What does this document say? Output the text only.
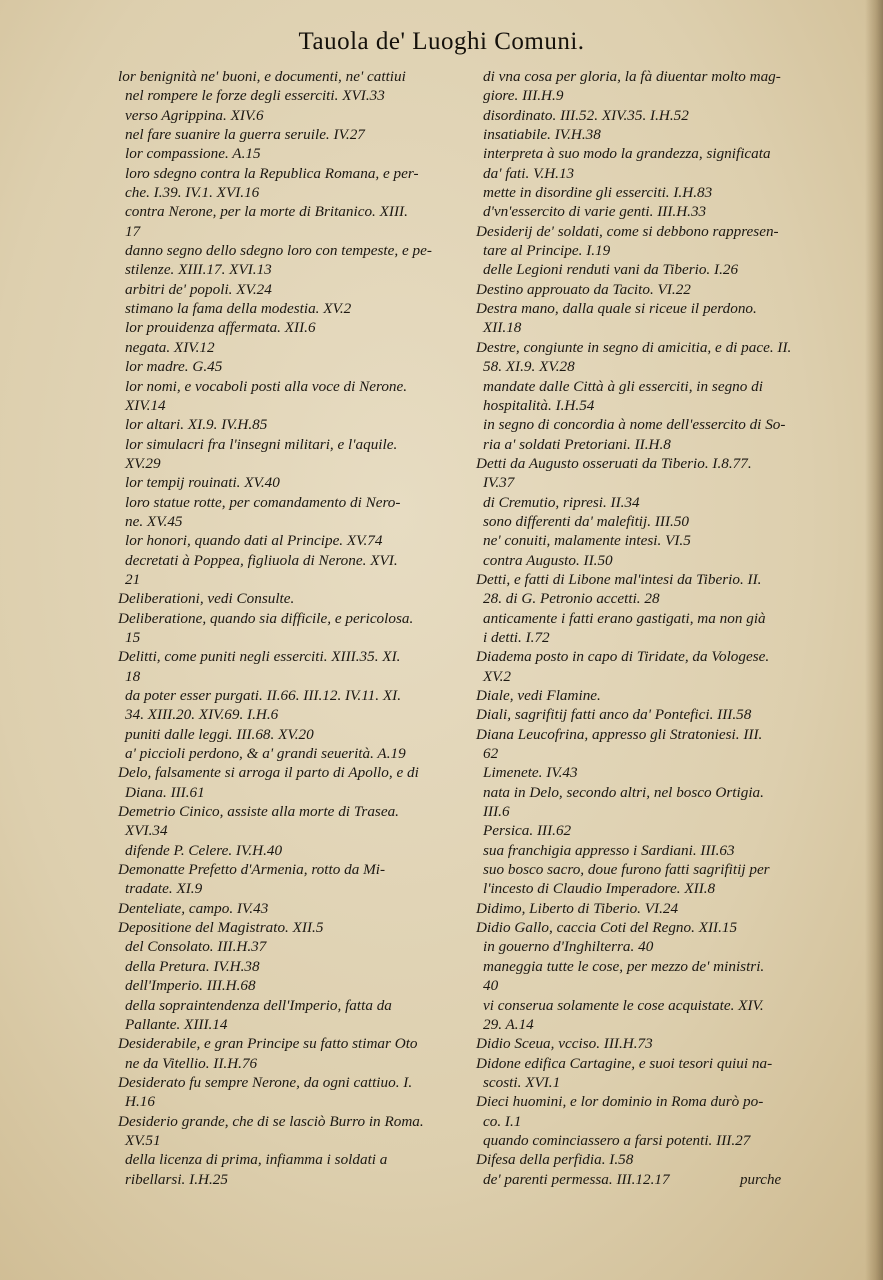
Tauola de' Luoghi Comuni.
lor benignità ne' buoni, e documenti, ne' cattiui
nel rompere le forze degli esserciti. XVI.33
verso Agrippina. XIV.6
nel fare suanire la guerra seruile. IV.27
lor compassione. A.15
loro sdegno contra la Republica Romana, e per-
che. I.39. IV.1. XVI.16
contra Nerone, per la morte di Britanico. XIII.
17
danno segno dello sdegno loro con tempeste, e pe-
stilenze. XIII.17. XVI.13
arbitri de' popoli. XV.24
stimano la fama della modestia. XV.2
lor prouidenza affermata. XII.6
negata. XIV.12
lor madre. G.45
lor nomi, e vocaboli posti alla voce di Nerone.
XIV.14
lor altari. XI.9. IV.H.85
lor simulacri fra l'insegni militari, e l'aquile.
XV.29
lor tempij rouinati. XV.40
loro statue rotte, per comandamento di Nero-
ne. XV.45
lor honori, quando dati al Principe. XV.74
decretati à Poppea, figliuola di Nerone. XVI.
21
Deliberationi, vedi Consulte.
Deliberatione, quando sia difficile, e pericolosa.
15
Delitti, come puniti negli esserciti. XIII.35. XI.
18
da poter esser purgati. II.66. III.12. IV.11. XI.
34. XIII.20. XIV.69. I.H.6
puniti dalle leggi. III.68. XV.20
a' piccioli perdono, & a' grandi seuerità. A.19
Delo, falsamente si arroga il parto di Apollo, e di
Diana. III.61
Demetrio Cinico, assiste alla morte di Trasea.
XVI.34
difende P. Celere. IV.H.40
Demonatte Prefetto d'Armenia, rotto da Mi-
tradate. XI.9
Denteliate, campo. IV.43
Depositione del Magistrato. XII.5
del Consolato. III.H.37
della Pretura. IV.H.38
dell'Imperio. III.H.68
della sopraintendenza dell'Imperio, fatta da
Pallante. XIII.14
Desiderabile, e gran Principe su fatto stimar Oto
ne da Vitellio. II.H.76
Desiderato fu sempre Nerone, da ogni cattiuo. I.
H.16
Desiderio grande, che di se lasciò Burro in Roma.
XV.51
della licenza di prima, infiamma i soldati a
ribellarsi. I.H.25
di vna cosa per gloria, la fà diuentar molto mag-
giore. III.H.9
disordinato. III.52. XIV.35. I.H.52
insatiabile. IV.H.38
interpreta à suo modo la grandezza, significata
da' fati. V.H.13
mette in disordine gli esserciti. I.H.83
d'vn'essercito di varie genti. III.H.33
Desiderij de' soldati, come si debbono rappresen-
tare al Principe. I.19
delle Legioni renduti vani da Tiberio. I.26
Destino approuato da Tacito. VI.22
Destra mano, dalla quale si riceue il perdono.
XII.18
Destre, congiunte in segno di amicitia, e di pace. II.
58. XI.9. XV.28
mandate dalle Città à gli esserciti, in segno di
hospitalità. I.H.54
in segno di concordia à nome dell'essercito di So-
ria a' soldati Pretoriani. II.H.8
Detti da Augusto osseruati da Tiberio. I.8.77.
IV.37
di Cremutio, ripresi. II.34
sono differenti da' malefitij. III.50
ne' conuiti, malamente intesi. VI.5
contra Augusto. II.50
Detti, e fatti di Libone mal'intesi da Tiberio. II.
28. di G. Petronio accetti. 28
anticamente i fatti erano gastigati, ma non già
i detti. I.72
Diadema posto in capo di Tiridate, da Vologese.
XV.2
Diale, vedi Flamine.
Diali, sagrifitij fatti anco da' Pontefici. III.58
Diana Leucofrina, appresso gli Stratoniesi. III.
62
Limenete. IV.43
nata in Delo, secondo altri, nel bosco Ortigia.
III.6
Persica. III.62
sua franchigia appresso i Sardiani. III.63
suo bosco sacro, doue furono fatti sagrifitij per
l'incesto di Claudio Imperadore. XII.8
Didimo, Liberto di Tiberio. VI.24
Didio Gallo, caccia Coti del Regno. XII.15
in gouerno d'Inghilterra. 40
maneggia tutte le cose, per mezzo de' ministri.
40
vi conserua solamente le cose acquistate. XIV.
29. A.14
Didio Sceua, vcciso. III.H.73
Didone edifica Cartagine, e suoi tesori quiui na-
scosti. XVI.1
Dieci huomini, e lor dominio in Roma durò po-
co. I.1
quando cominciassero a farsi potenti. III.27
Difesa della perfidia. I.58
de' parenti permessa. III.12.17	purche
